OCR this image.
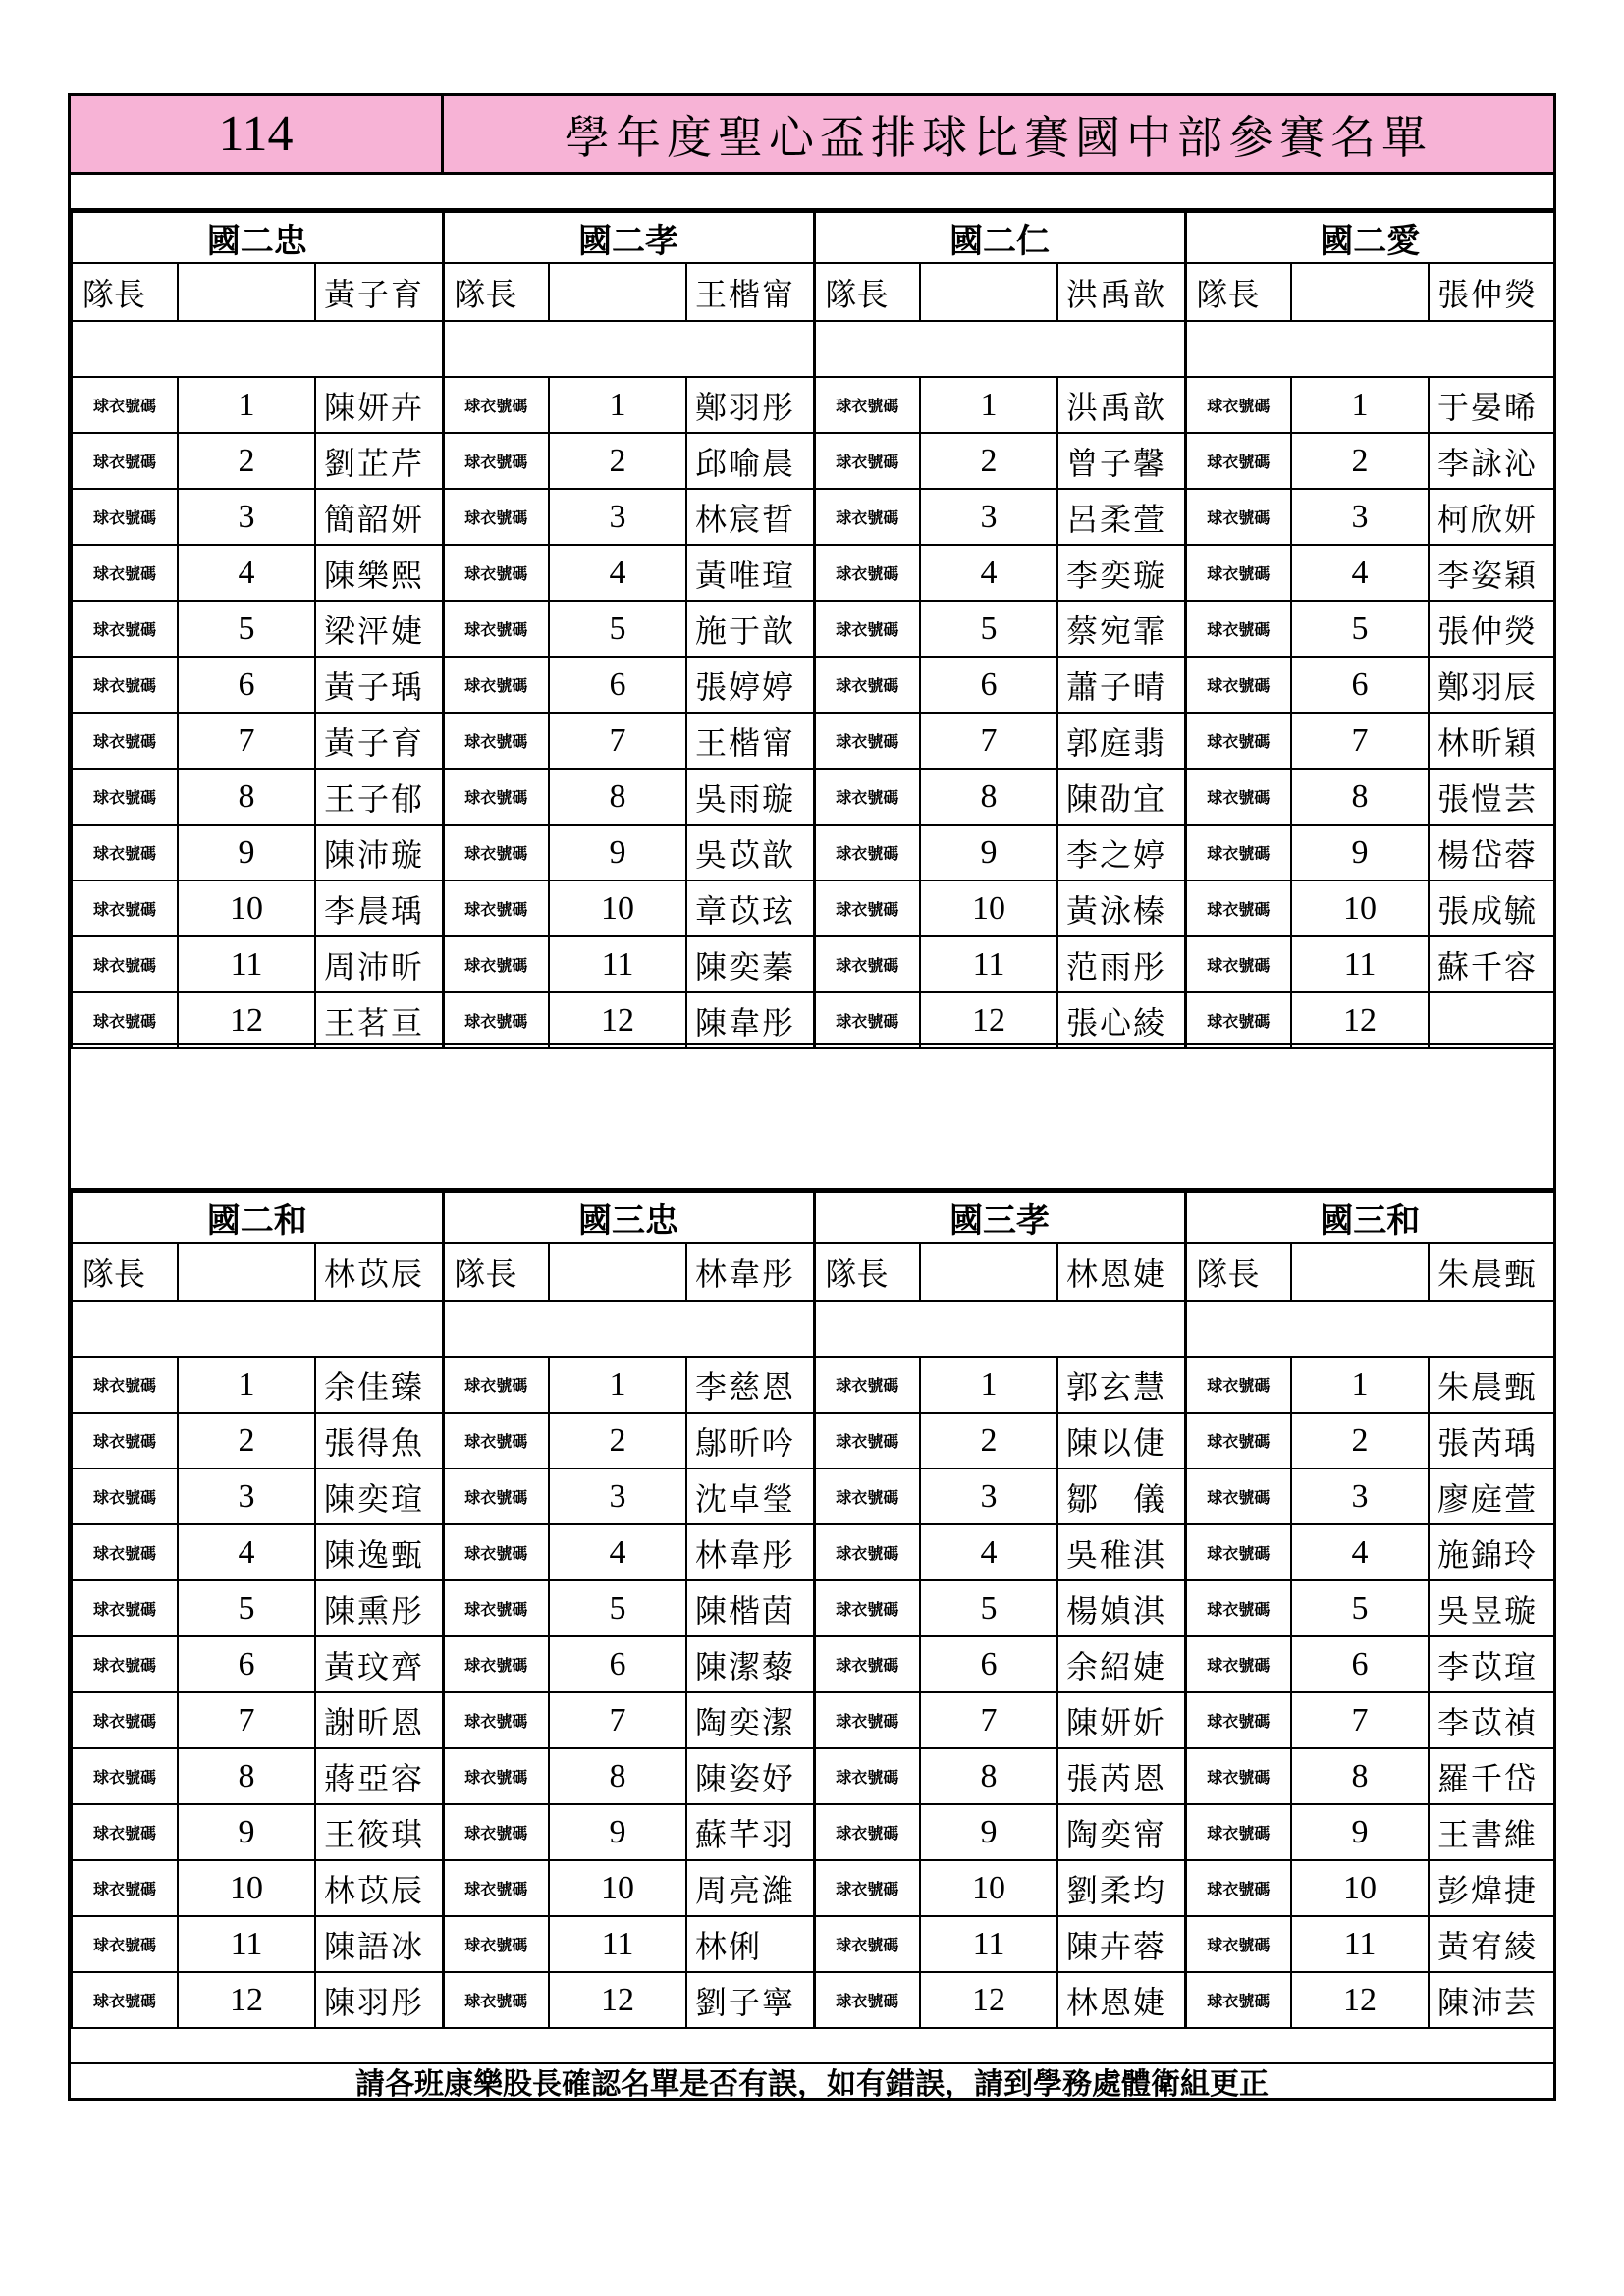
114	學年度聖心盃排球比賽國中部參賽名單
國二忠			國二孝			國二仁			國二愛		
隊長		黃子育	隊長		王楷甯	隊長		洪禹歆	隊長		張仲熒

球衣號碼	1	陳妍卉	球衣號碼	1	鄭羽彤	球衣號碼	1	洪禹歆	球衣號碼	1	于晏晞
球衣號碼	2	劉芷芹	球衣號碼	2	邱喻晨	球衣號碼	2	曾子馨	球衣號碼	2	李詠沁
球衣號碼	3	簡韶妍	球衣號碼	3	林宸晢	球衣號碼	3	呂柔萱	球衣號碼	3	柯欣妍
球衣號碼	4	陳樂熙	球衣號碼	4	黃唯瑄	球衣號碼	4	李奕璇	球衣號碼	4	李姿穎
球衣號碼	5	梁泙婕	球衣號碼	5	施于歆	球衣號碼	5	蔡宛霏	球衣號碼	5	張仲熒
球衣號碼	6	黃子瑀	球衣號碼	6	張婷婷	球衣號碼	6	蕭子晴	球衣號碼	6	鄭羽辰
球衣號碼	7	黃子育	球衣號碼	7	王楷甯	球衣號碼	7	郭庭翡	球衣號碼	7	林昕穎
球衣號碼	8	王子郁	球衣號碼	8	吳雨璇	球衣號碼	8	陳劭宜	球衣號碼	8	張愷芸
球衣號碼	9	陳沛璇	球衣號碼	9	吳苡歆	球衣號碼	9	李之婷	球衣號碼	9	楊岱蓉
球衣號碼	10	李晨瑀	球衣號碼	10	章苡玹	球衣號碼	10	黃泳榛	球衣號碼	10	張成毓
球衣號碼	11	周沛昕	球衣號碼	11	陳奕蓁	球衣號碼	11	范雨彤	球衣號碼	11	蘇千容
球衣號碼	12	王茗亘	球衣號碼	12	陳韋彤	球衣號碼	12	張心綾	球衣號碼	12	
國二和			國三忠			國三孝			國三和		
隊長		林苡辰	隊長		林韋彤	隊長		林恩婕	隊長		朱晨甄

球衣號碼	1	余佳臻	球衣號碼	1	李慈恩	球衣號碼	1	郭玄慧	球衣號碼	1	朱晨甄
球衣號碼	2	張得魚	球衣號碼	2	鄔昕吟	球衣號碼	2	陳以倢	球衣號碼	2	張芮瑀
球衣號碼	3	陳奕瑄	球衣號碼	3	沈卓瑩	球衣號碼	3	鄒　儀	球衣號碼	3	廖庭萱
球衣號碼	4	陳逸甄	球衣號碼	4	林韋彤	球衣號碼	4	吳稚淇	球衣號碼	4	施錦玲
球衣號碼	5	陳熏彤	球衣號碼	5	陳楷茵	球衣號碼	5	楊媜淇	球衣號碼	5	吳昱璇
球衣號碼	6	黃玟齊	球衣號碼	6	陳潔藜	球衣號碼	6	余紹婕	球衣號碼	6	李苡瑄
球衣號碼	7	謝昕恩	球衣號碼	7	陶奕潔	球衣號碼	7	陳妍妡	球衣號碼	7	李苡禎
球衣號碼	8	蔣亞容	球衣號碼	8	陳姿妤	球衣號碼	8	張芮恩	球衣號碼	8	羅千岱
球衣號碼	9	王筱琪	球衣號碼	9	蘇芊羽	球衣號碼	9	陶奕甯	球衣號碼	9	王書維
球衣號碼	10	林苡辰	球衣號碼	10	周亮濰	球衣號碼	10	劉柔均	球衣號碼	10	彭煒捷
球衣號碼	11	陳語冰	球衣號碼	11	林俐	球衣號碼	11	陳卉蓉	球衣號碼	11	黃宥綾
球衣號碼	12	陳羽彤	球衣號碼	12	劉子寧	球衣號碼	12	林恩婕	球衣號碼	12	陳沛芸
請各班康樂股長確認名單是否有誤，如有錯誤，請到學務處體衛組更正
